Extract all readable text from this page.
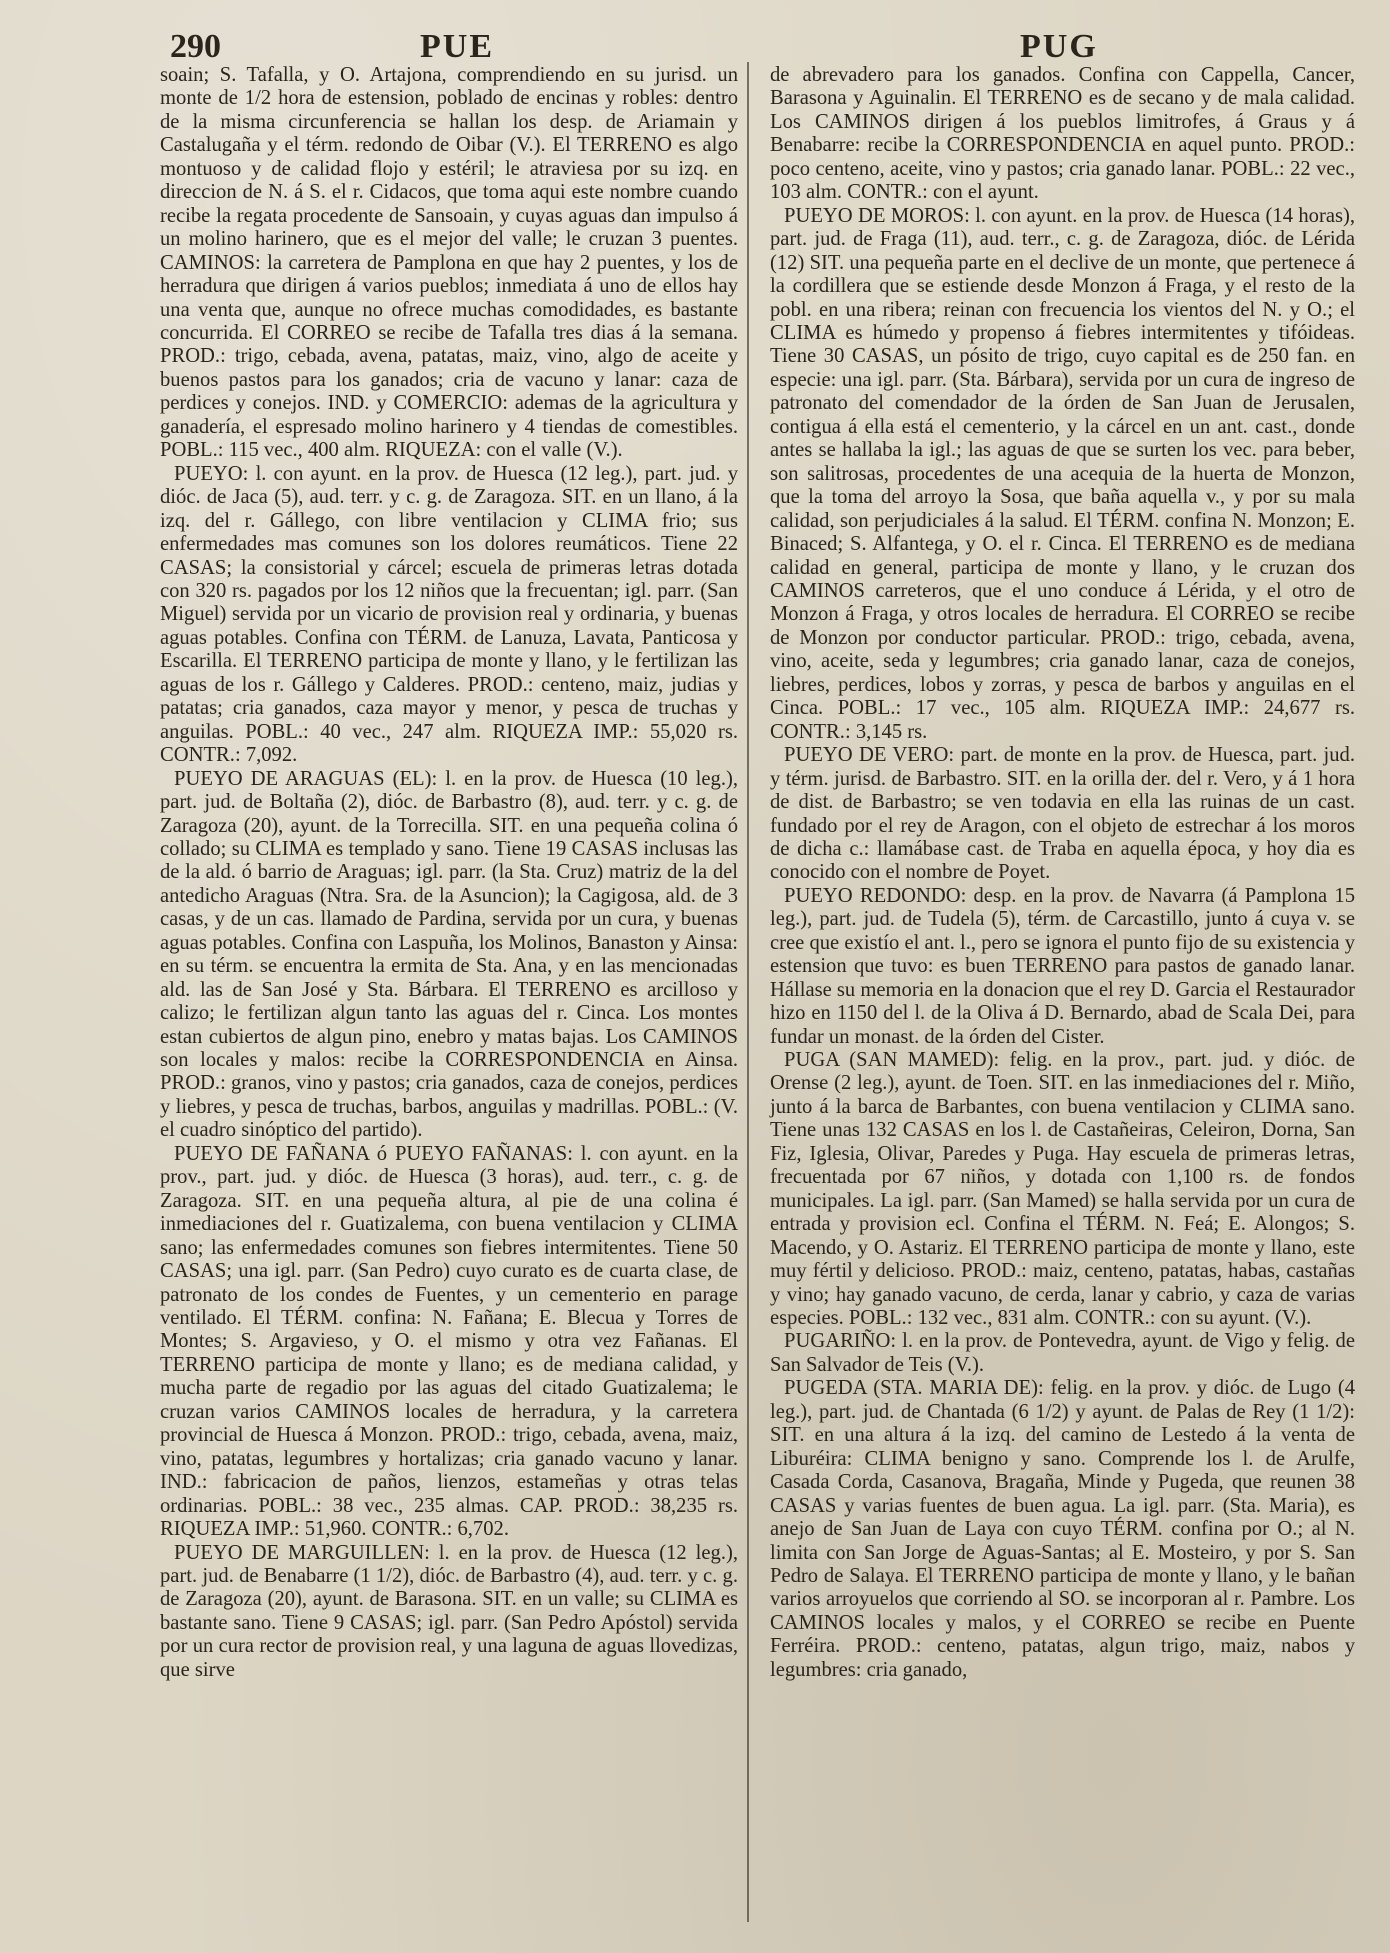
290	PUE	PUG

soain; S. Tafalla, y O. Artajona, comprendiendo en su jurisd. un monte de 1/2 hora de estension, poblado de encinas y robles: dentro de la misma circunferencia se hallan los desp. de Ariamain y Castalugaña y el térm. redondo de Oibar (V.). El TERRENO es algo montuoso y de calidad flojo y estéril; le atraviesa por su izq. en direccion de N. á S. el r. Cidacos, que toma aqui este nombre cuando recibe la regata procedente de Sansoain, y cuyas aguas dan impulso á un molino harinero, que es el mejor del valle; le cruzan 3 puentes. CAMINOS: la carretera de Pamplona en que hay 2 puentes, y los de herradura que dirigen á varios pueblos; inmediata á uno de ellos hay una venta que, aunque no ofrece muchas comodidades, es bastante concurrida. El CORREO se recibe de Tafalla tres dias á la semana. PROD.: trigo, cebada, avena, patatas, maiz, vino, algo de aceite y buenos pastos para los ganados; cria de vacuno y lanar: caza de perdices y conejos. IND. y COMERCIO: ademas de la agricultura y ganadería, el espresado molino harinero y 4 tiendas de comestibles. POBL.: 115 vec., 400 alm. RIQUEZA: con el valle (V.).

PUEYO: l. con ayunt. en la prov. de Huesca (12 leg.), part. jud. y dióc. de Jaca (5), aud. terr. y c. g. de Zaragoza. SIT. en un llano, á la izq. del r. Gállego, con libre ventilacion y CLIMA frio; sus enfermedades mas comunes son los dolores reumáticos. Tiene 22 CASAS; la consistorial y cárcel; escuela de primeras letras dotada con 320 rs. pagados por los 12 niños que la frecuentan; igl. parr. (San Miguel) servida por un vicario de provision real y ordinaria, y buenas aguas potables. Confina con TÉRM. de Lanuza, Lavata, Panticosa y Escarilla. El TERRENO participa de monte y llano, y le fertilizan las aguas de los r. Gállego y Calderes. PROD.: centeno, maiz, judias y patatas; cria ganados, caza mayor y menor, y pesca de truchas y anguilas. POBL.: 40 vec., 247 alm. RIQUEZA IMP.: 55,020 rs. CONTR.: 7,092.

PUEYO DE ARAGUAS (EL): l. en la prov. de Huesca (10 leg.), part. jud. de Boltaña (2), dióc. de Barbastro (8), aud. terr. y c. g. de Zaragoza (20), ayunt. de la Torrecilla. SIT. en una pequeña colina ó collado; su CLIMA es templado y sano. Tiene 19 CASAS inclusas las de la ald. ó barrio de Araguas; igl. parr. (la Sta. Cruz) matriz de la del antedicho Araguas (Ntra. Sra. de la Asuncion); la Cagigosa, ald. de 3 casas, y de un cas. llamado de Pardina, servida por un cura, y buenas aguas potables. Confina con Laspuña, los Molinos, Banaston y Ainsa: en su térm. se encuentra la ermita de Sta. Ana, y en las mencionadas ald. las de San José y Sta. Bárbara. El TERRENO es arcilloso y calizo; le fertilizan algun tanto las aguas del r. Cinca. Los montes estan cubiertos de algun pino, enebro y matas bajas. Los CAMINOS son locales y malos: recibe la CORRESPONDENCIA en Ainsa. PROD.: granos, vino y pastos; cria ganados, caza de conejos, perdices y liebres, y pesca de truchas, barbos, anguilas y madrillas. POBL.: (V. el cuadro sinóptico del partido).

PUEYO DE FAÑANA ó PUEYO FAÑANAS: l. con ayunt. en la prov., part. jud. y dióc. de Huesca (3 horas), aud. terr., c. g. de Zaragoza. SIT. en una pequeña altura, al pie de una colina é inmediaciones del r. Guatizalema, con buena ventilacion y CLIMA sano; las enfermedades comunes son fiebres intermitentes. Tiene 50 CASAS; una igl. parr. (San Pedro) cuyo curato es de cuarta clase, de patronato de los condes de Fuentes, y un cementerio en parage ventilado. El TÉRM. confina: N. Fañana; E. Blecua y Torres de Montes; S. Argavieso, y O. el mismo y otra vez Fañanas. El TERRENO participa de monte y llano; es de mediana calidad, y mucha parte de regadio por las aguas del citado Guatizalema; le cruzan varios CAMINOS locales de herradura, y la carretera provincial de Huesca á Monzon. PROD.: trigo, cebada, avena, maiz, vino, patatas, legumbres y hortalizas; cria ganado vacuno y lanar. IND.: fabricacion de paños, lienzos, estameñas y otras telas ordinarias. POBL.: 38 vec., 235 almas. CAP. PROD.: 38,235 rs. RIQUEZA IMP.: 51,960. CONTR.: 6,702.

PUEYO DE MARGUILLEN: l. en la prov. de Huesca (12 leg.), part. jud. de Benabarre (1 1/2), dióc. de Barbastro (4), aud. terr. y c. g. de Zaragoza (20), ayunt. de Barasona. SIT. en un valle; su CLIMA es bastante sano. Tiene 9 CASAS; igl. parr. (San Pedro Apóstol) servida por un cura rector de provision real, y una laguna de aguas llovedizas, que sirve

de abrevadero para los ganados. Confina con Cappella, Cancer, Barasona y Aguinalin. El TERRENO es de secano y de mala calidad. Los CAMINOS dirigen á los pueblos limitrofes, á Graus y á Benabarre: recibe la CORRESPONDENCIA en aquel punto. PROD.: poco centeno, aceite, vino y pastos; cria ganado lanar. POBL.: 22 vec., 103 alm. CONTR.: con el ayunt.

PUEYO DE MOROS: l. con ayunt. en la prov. de Huesca (14 horas), part. jud. de Fraga (11), aud. terr., c. g. de Zaragoza, dióc. de Lérida (12) SIT. una pequeña parte en el declive de un monte, que pertenece á la cordillera que se estiende desde Monzon á Fraga, y el resto de la pobl. en una ribera; reinan con frecuencia los vientos del N. y O.; el CLIMA es húmedo y propenso á fiebres intermitentes y tifóideas. Tiene 30 CASAS, un pósito de trigo, cuyo capital es de 250 fan. en especie: una igl. parr. (Sta. Bárbara), servida por un cura de ingreso de patronato del comendador de la órden de San Juan de Jerusalen, contigua á ella está el cementerio, y la cárcel en un ant. cast., donde antes se hallaba la igl.; las aguas de que se surten los vec. para beber, son salitrosas, procedentes de una acequia de la huerta de Monzon, que la toma del arroyo la Sosa, que baña aquella v., y por su mala calidad, son perjudiciales á la salud. El TÉRM. confina N. Monzon; E. Binaced; S. Alfantega, y O. el r. Cinca. El TERRENO es de mediana calidad en general, participa de monte y llano, y le cruzan dos CAMINOS carreteros, que el uno conduce á Lérida, y el otro de Monzon á Fraga, y otros locales de herradura. El CORREO se recibe de Monzon por conductor particular. PROD.: trigo, cebada, avena, vino, aceite, seda y legumbres; cria ganado lanar, caza de conejos, liebres, perdices, lobos y zorras, y pesca de barbos y anguilas en el Cinca. POBL.: 17 vec., 105 alm. RIQUEZA IMP.: 24,677 rs. CONTR.: 3,145 rs.

PUEYO DE VERO: part. de monte en la prov. de Huesca, part. jud. y térm. jurisd. de Barbastro. SIT. en la orilla der. del r. Vero, y á 1 hora de dist. de Barbastro; se ven todavia en ella las ruinas de un cast. fundado por el rey de Aragon, con el objeto de estrechar á los moros de dicha c.: llamábase cast. de Traba en aquella época, y hoy dia es conocido con el nombre de Poyet.

PUEYO REDONDO: desp. en la prov. de Navarra (á Pamplona 15 leg.), part. jud. de Tudela (5), térm. de Carcastillo, junto á cuya v. se cree que existío el ant. l., pero se ignora el punto fijo de su existencia y estension que tuvo: es buen TERRENO para pastos de ganado lanar. Hállase su memoria en la donacion que el rey D. Garcia el Restaurador hizo en 1150 del l. de la Oliva á D. Bernardo, abad de Scala Dei, para fundar un monast. de la órden del Cister.

PUGA (SAN MAMED): felig. en la prov., part. jud. y dióc. de Orense (2 leg.), ayunt. de Toen. SIT. en las inmediaciones del r. Miño, junto á la barca de Barbantes, con buena ventilacion y CLIMA sano. Tiene unas 132 CASAS en los l. de Castañeiras, Celeiron, Dorna, San Fiz, Iglesia, Olivar, Paredes y Puga. Hay escuela de primeras letras, frecuentada por 67 niños, y dotada con 1,100 rs. de fondos municipales. La igl. parr. (San Mamed) se halla servida por un cura de entrada y provision ecl. Confina el TÉRM. N. Feá; E. Alongos; S. Macendo, y O. Astariz. El TERRENO participa de monte y llano, este muy fértil y delicioso. PROD.: maiz, centeno, patatas, habas, castañas y vino; hay ganado vacuno, de cerda, lanar y cabrio, y caza de varias especies. POBL.: 132 vec., 831 alm. CONTR.: con su ayunt. (V.).

PUGARIÑO: l. en la prov. de Pontevedra, ayunt. de Vigo y felig. de San Salvador de Teis (V.).

PUGEDA (STA. MARIA DE): felig. en la prov. y dióc. de Lugo (4 leg.), part. jud. de Chantada (6 1/2) y ayunt. de Palas de Rey (1 1/2): SIT. en una altura á la izq. del camino de Lestedo á la venta de Liburéira: CLIMA benigno y sano. Comprende los l. de Arulfe, Casada Corda, Casanova, Bragaña, Minde y Pugeda, que reunen 38 CASAS y varias fuentes de buen agua. La igl. parr. (Sta. Maria), es anejo de San Juan de Laya con cuyo TÉRM. confina por O.; al N. limita con San Jorge de Aguas-Santas; al E. Mosteiro, y por S. San Pedro de Salaya. El TERRENO participa de monte y llano, y le bañan varios arroyuelos que corriendo al SO. se incorporan al r. Pambre. Los CAMINOS locales y malos, y el CORREO se recibe en Puente Ferréira. PROD.: centeno, patatas, algun trigo, maiz, nabos y legumbres: cria ganado,
